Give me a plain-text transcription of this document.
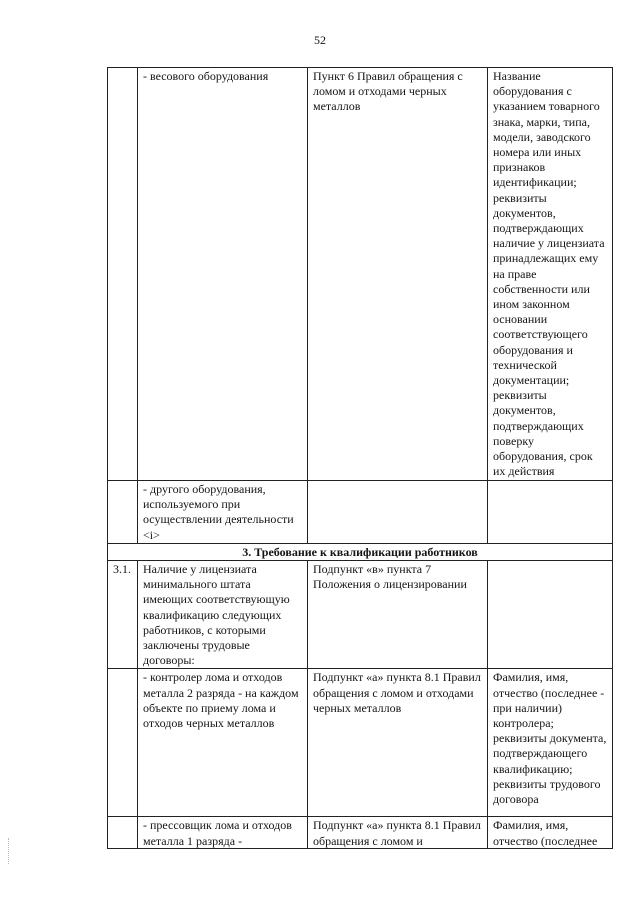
52
	- весового оборудования	Пункт 6 Правил обращения с ломом и отходами черных металлов	Название оборудования с указанием товарного знака, марки, типа, модели, заводского номера или иных признаков идентификации; реквизиты документов, подтверждающих наличие у лицензиата принадлежащих ему на праве собственности или ином законном основании соответствующего оборудования и технической документации; реквизиты документов, подтверждающих поверку оборудования, срок их действия
	- другого оборудования, используемого при осуществлении деятельности <i>		
3. Требование к квалификации работников			
3.1.	Наличие у лицензиата минимального штата имеющих соответствующую квалификацию следующих работников, с которыми заключены трудовые договоры:	Подпункт «в» пункта 7 Положения о лицензировании	
	- контролер лома и отходов металла 2 разряда - на каждом объекте по приему лома и отходов черных металлов	Подпункт «а» пункта 8.1 Правил обращения с ломом и отходами черных металлов	Фамилия, имя, отчество (последнее - при наличии) контролера; реквизиты документа, подтверждающего квалификацию; реквизиты трудового договора

	- прессовщик лома и отходов металла 1 разряда -	Подпункт «а» пункта 8.1 Правил обращения с ломом и	Фамилия, имя, отчество (последнее
